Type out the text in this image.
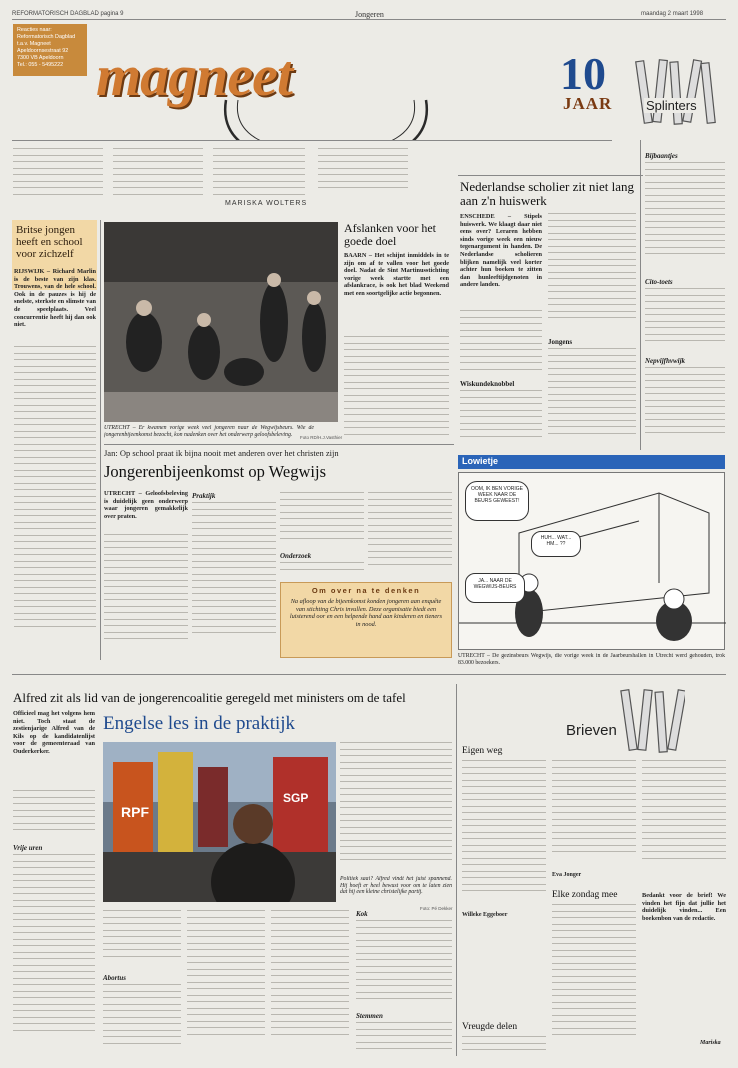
REFORMATORISCH DAGBLAD pagina 9	Jongeren	maandag 2 maart 1998
Reacties naar:
Reformatorisch Dagblad
t.a.v. Magneet
Apeldoornsestraat 92
7300 VB Apeldoorn
Tel.: 055 - 5495222 magneet	10
JAAR	Splinters
MARISKA WOLTERS
Nederlandse scholier zit niet lang aan z'n huiswerk
ENSCHEDE – Stipels huiswerk. We klaagt daar niet eens over? Leraren hebben sinds vorige week een nieuw tegenargument in handen. De Nederlandse scholieren blijken namelijk veel korter achter hun boeken te zitten dan hunleeftijdgenoten in andere landen.
Wiskundeknobbel
Jongens
Bijbaantjes
Cito-toets
Nepvijfhvwijk
Britse jongen heeft en school voor zichzelf
RIJSWIJK – Richard Marlin is de beste van zijn klas. Trouwens, van de hele school. Ook in de pauzes is hij de snelste, sterkste en slimste van de speelplaats. Veel concurrentie heeft hij dan ook niet.
UTRECHT – Er kwamen vorige week veel jongeren naar de Wegwijsbeurs. Wie de jongerenbijeenkomst bezocht, kon nadenken over het onderwerp geloofsbeleving.	Foto RD/H.J.Vasthier
Afslanken voor het goede doel
BAARN – Het schijnt inmiddels in te zijn om af te vallen voor het goede doel. Nadat de Sint Martinusstichting vorige week startte met een afslankrace, is ook het blad Weekend met een soortgelijke actie begonnen.
Jan: Op school praat ik bijna nooit met anderen over het christen zijn
Jongerenbijeenkomst op Wegwijs
UTRECHT – Geloofsbeleving is duidelijk geen onderwerp waar jongeren gemakkelijk over praten.
Praktijk
Onderzoek
Om over na te denken
Na afloop van de bijeenkomst konden jongeren aan enquête van stichting Chris invullen. Deze organisatie biedt een luisterend oor en een helpende hand aan kinderen en tieners in nood.
Lowietje
OOM, IK BEN VORIGE WEEK NAAR DE BEURS GEWEEST!
HUH... WAT... HM... ??
JA... NAAR DE WEGWIJS-BEURS
UTRECHT – De gezinsbeurs Wegwijs, die vorige week in de Jaarbeurshallen in Utrecht werd gehouden, trok 83.000 bezoekers.
Alfred zit als lid van de jongerencoalitie geregeld met ministers om de tafel
Officieel mag het volgens hem niet. Toch staat de zestienjarige Alfred van de Kils op de kandidatenlijst voor de gemeenteraad van Ouderkerker.
Vrije uren
Engelse les in de praktijk
RPF
SGP
Politiek saai? Alfred vindt het juist spannend. Hij hoeft er heel bewust voor om te laten zien dat hij een kleine christelijke partij.
Foto: Pé Dekker
Abortus
Kok
Stemmen
Brieven
Eigen weg
Willeke Eggeboer
Vreugde delen
Eva Jonger
Elke zondag mee	Bedankt voor de brief! We vinden het fijn dat jullie het duidelijk vinden... Een boekenbon van de redactie.
Mariska
